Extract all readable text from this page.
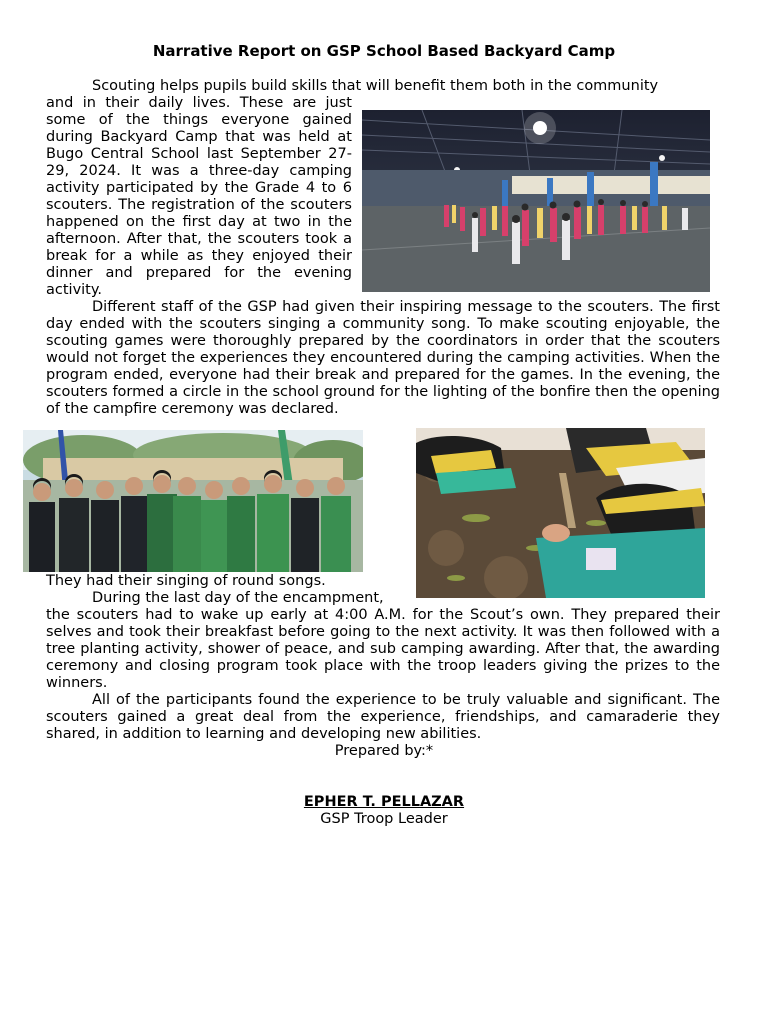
Narrative Report on GSP School Based Backyard Camp

Scouting helps pupils build skills that will benefit them both in the community

and in their daily lives. These are just some of the things everyone gained during Backyard Camp that was held at Bugo Central School last September 27-29, 2024. It was a three-day camping activity participated by the Grade 4 to 6 scouters. The registration of the scouters happened on the first day at two in the afternoon. After that, the scouters took a break for a while as they enjoyed their dinner and prepared for the evening activity.

Different staff of the GSP had given their inspiring message to the scouters. The first day ended with the scouters singing a community song. To make scouting enjoyable, the scouting games were thoroughly prepared by the coordinators in order that the scouters would not forget the experiences they encountered during the camping activities. When the program ended, everyone had their break and prepared for the games. In the evening, the scouters formed a circle in the school ground for the lighting of the bonfire then the opening of the campfire ceremony was declared.

They had their singing of round songs.

During the last day of the encampment,

the scouters had to wake up early at 4:00 A.M. for the Scout’s own. They prepared their selves and took their breakfast before going to the next activity. It was then followed with a tree planting activity, shower of peace, and sub camping awarding. After that, the awarding ceremony and closing program took place with the troop leaders giving the prizes to the winners.

All of the participants found the experience to be truly valuable and significant. The scouters gained a great deal from the experience, friendships, and camaraderie they shared, in addition to learning and developing new abilities.

Prepared by:*
EPHER T. PELLAZAR
GSP Troop Leader
